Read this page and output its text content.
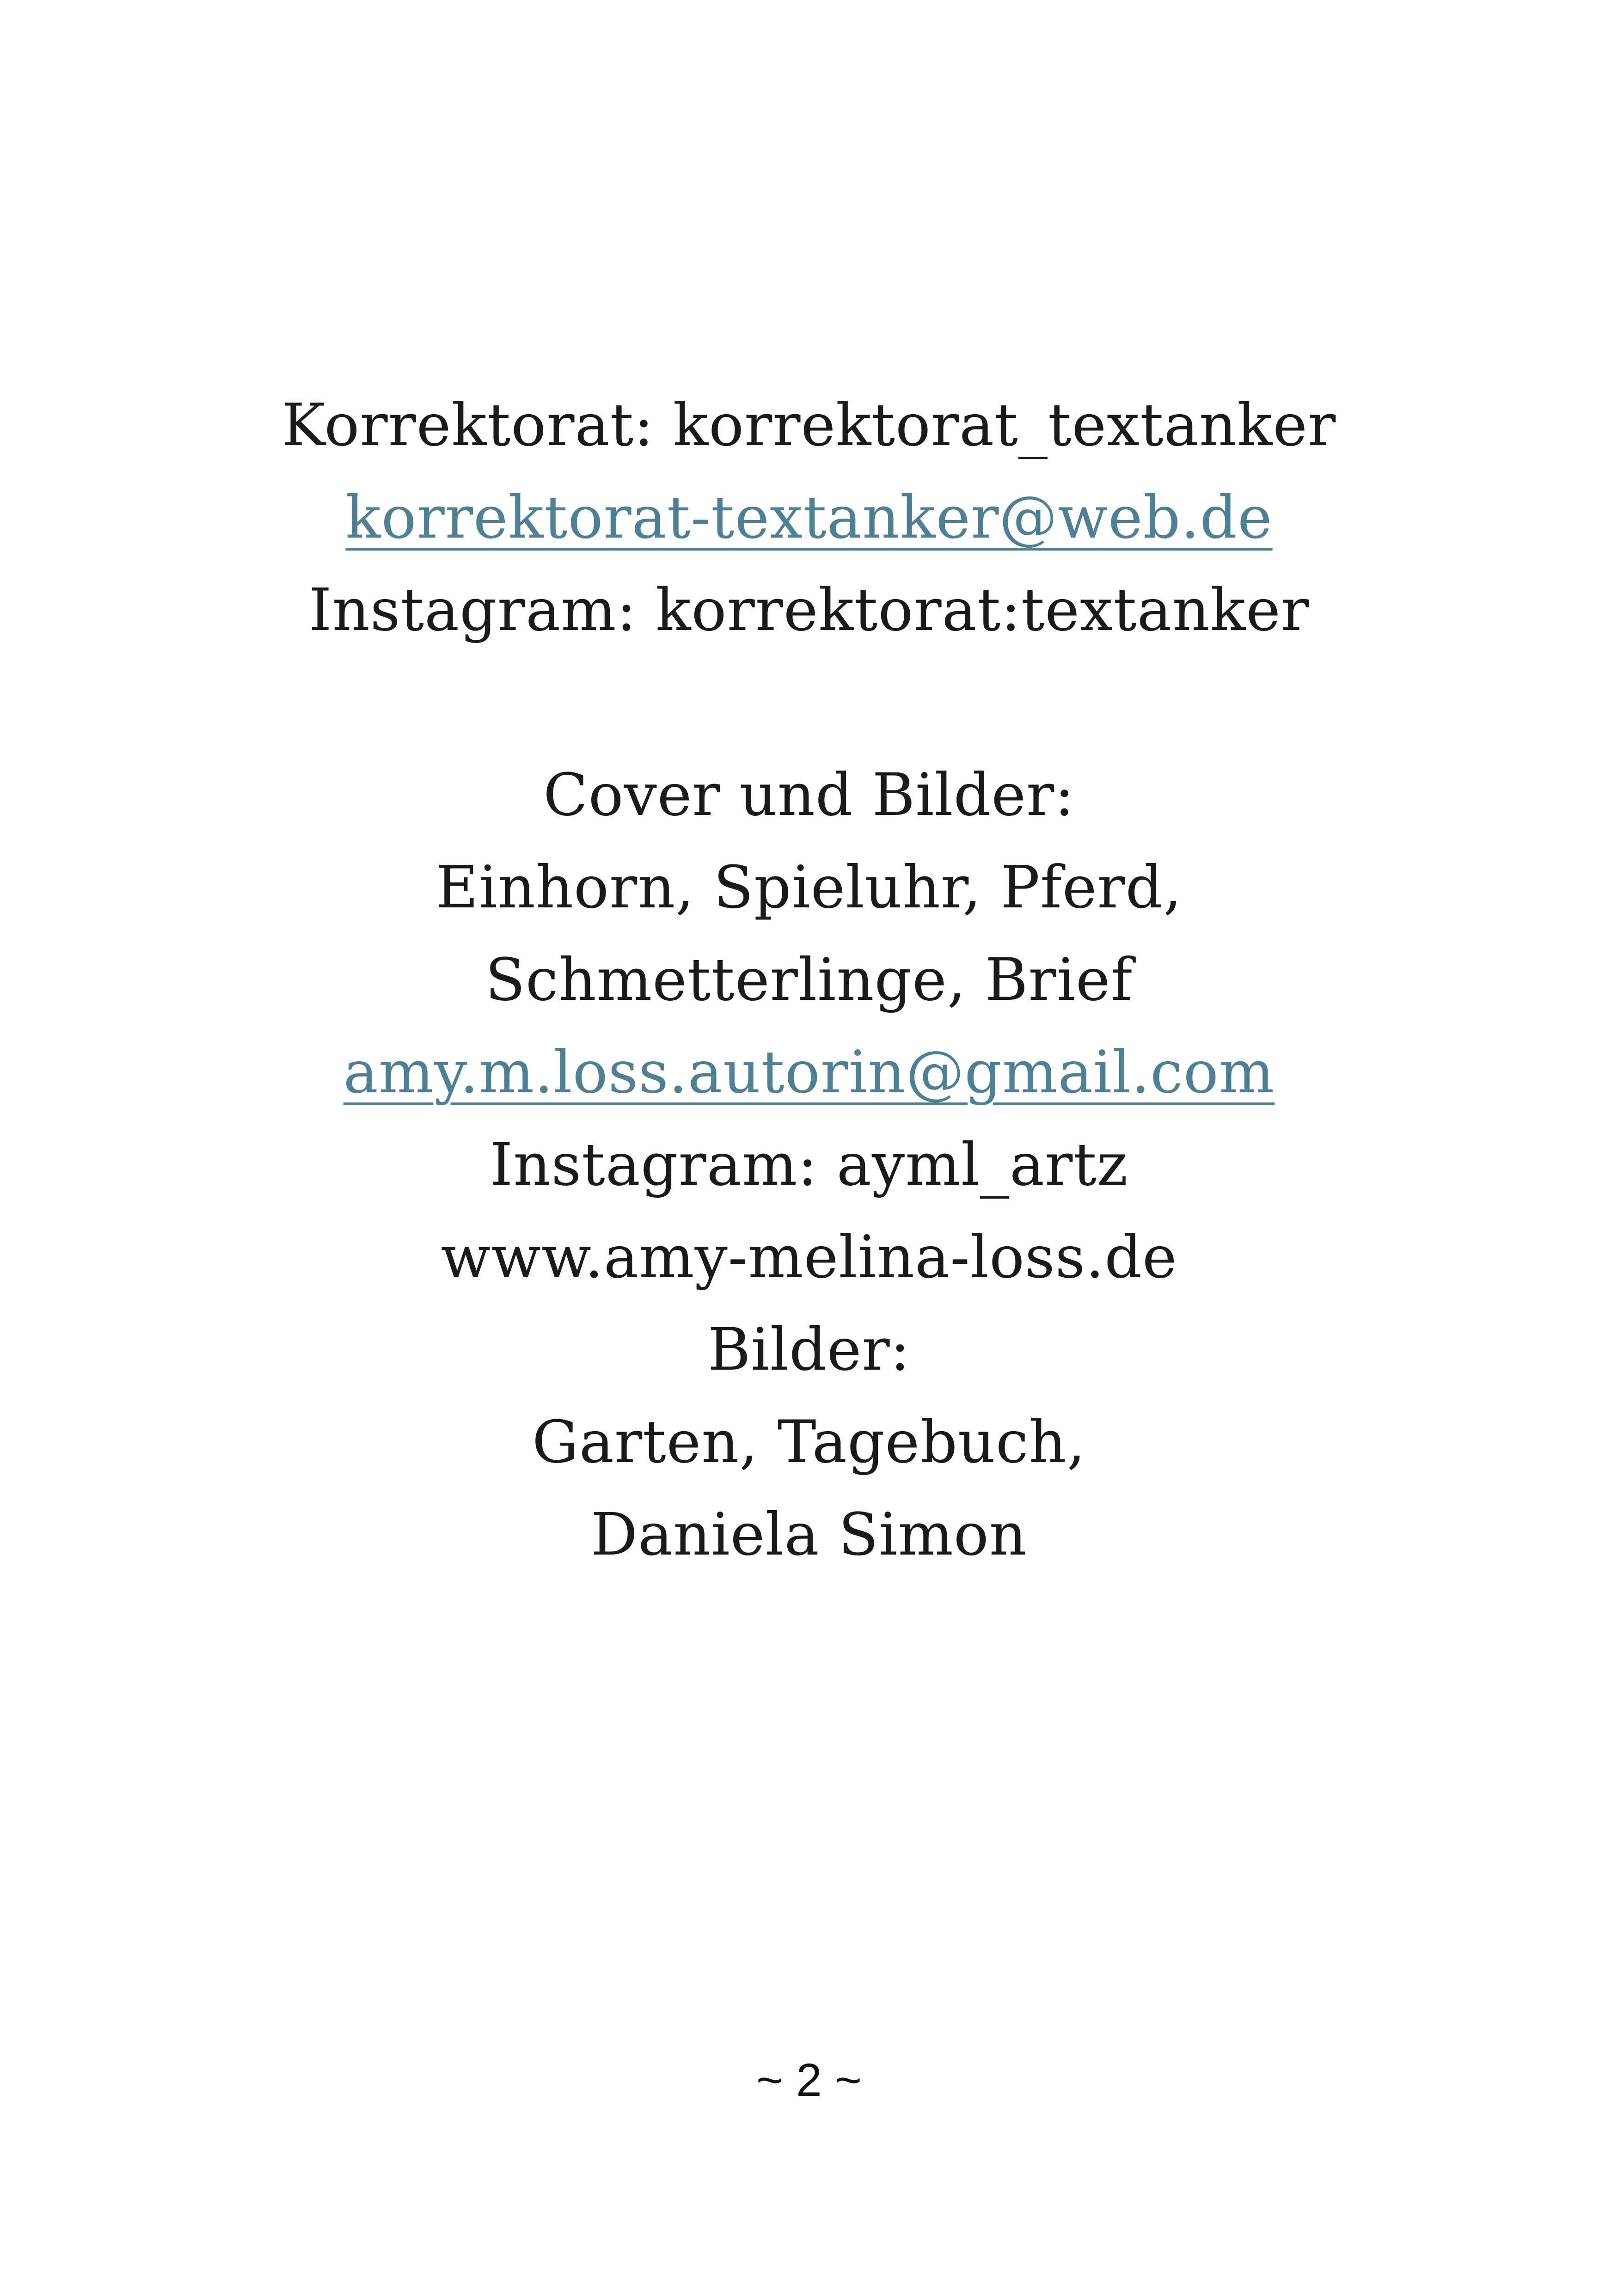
Korrektorat: korrektorat_textanker
korrektorat-textanker@web.de
Instagram: korrektorat:textanker
Cover und Bilder:
Einhorn, Spieluhr, Pferd,
Schmetterlinge, Brief
amy.m.loss.autorin@gmail.com
Instagram: ayml_artz
www.amy-melina-loss.de
Bilder:
Garten, Tagebuch,
Daniela Simon
~ 2 ~
